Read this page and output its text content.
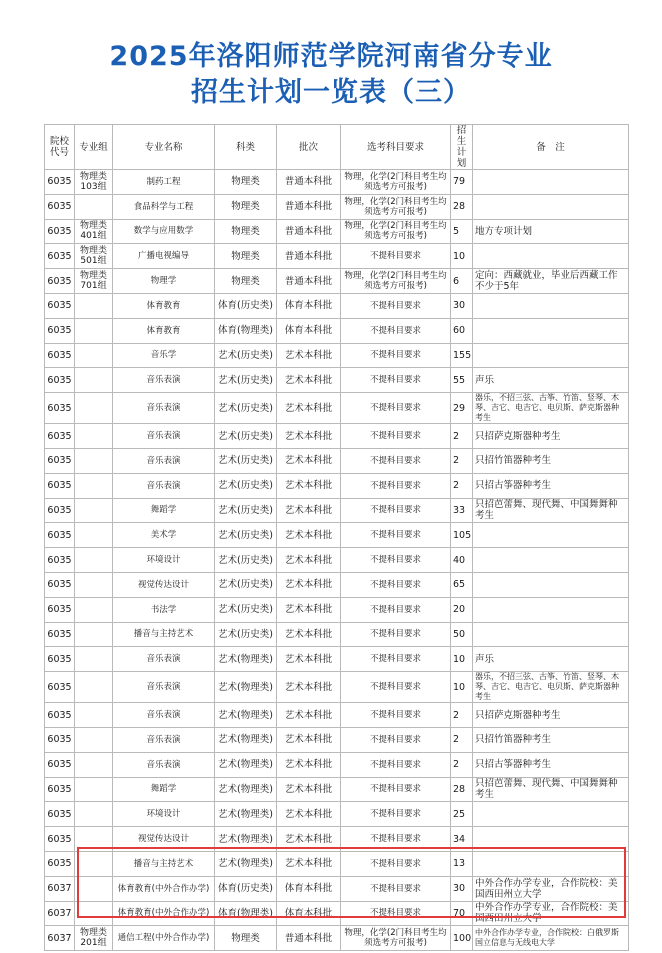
2025年洛阳师范学院河南省分专业
招生计划一览表（三）
院校代号	专业组	专业名称	科类	批次	选考科目要求	招生计划	备　注
6035	物理类103组	制药工程	物理类	普通本科批	物理，化学(2门科目考生均须选考方可报考)	79	
6035		食品科学与工程	物理类	普通本科批	物理，化学(2门科目考生均须选考方可报考)	28	
6035	物理类401组	数学与应用数学	物理类	普通本科批	物理，化学(2门科目考生均须选考方可报考)	5	地方专项计划
6035	物理类501组	广播电视编导	物理类	普通本科批	不提科目要求	10	
6035	物理类701组	物理学	物理类	普通本科批	物理，化学(2门科目考生均须选考方可报考)	6	定向：西藏就业，毕业后西藏工作不少于5年
6035		体育教育	体育(历史类)	体育本科批	不提科目要求	30	
6035		体育教育	体育(物理类)	体育本科批	不提科目要求	60	
6035		音乐学	艺术(历史类)	艺术本科批	不提科目要求	155	
6035		音乐表演	艺术(历史类)	艺术本科批	不提科目要求	55	声乐
6035		音乐表演	艺术(历史类)	艺术本科批	不提科目要求	29	器乐，不招三弦、古筝、竹笛、竖琴、木琴、吉它、电吉它、电贝斯、萨克斯器种考生
6035		音乐表演	艺术(历史类)	艺术本科批	不提科目要求	2	只招萨克斯器种考生
6035		音乐表演	艺术(历史类)	艺术本科批	不提科目要求	2	只招竹笛器种考生
6035		音乐表演	艺术(历史类)	艺术本科批	不提科目要求	2	只招古筝器种考生
6035		舞蹈学	艺术(历史类)	艺术本科批	不提科目要求	33	只招芭蕾舞、现代舞、中国舞舞种考生
6035		美术学	艺术(历史类)	艺术本科批	不提科目要求	105	
6035		环境设计	艺术(历史类)	艺术本科批	不提科目要求	40	
6035		视觉传达设计	艺术(历史类)	艺术本科批	不提科目要求	65	
6035		书法学	艺术(历史类)	艺术本科批	不提科目要求	20	
6035		播音与主持艺术	艺术(历史类)	艺术本科批	不提科目要求	50	
6035		音乐表演	艺术(物理类)	艺术本科批	不提科目要求	10	声乐
6035		音乐表演	艺术(物理类)	艺术本科批	不提科目要求	10	器乐，不招三弦、古筝、竹笛、竖琴、木琴、吉它、电吉它、电贝斯、萨克斯器种考生
6035		音乐表演	艺术(物理类)	艺术本科批	不提科目要求	2	只招萨克斯器种考生
6035		音乐表演	艺术(物理类)	艺术本科批	不提科目要求	2	只招竹笛器种考生
6035		音乐表演	艺术(物理类)	艺术本科批	不提科目要求	2	只招古筝器种考生
6035		舞蹈学	艺术(物理类)	艺术本科批	不提科目要求	28	只招芭蕾舞、现代舞、中国舞舞种考生
6035		环境设计	艺术(物理类)	艺术本科批	不提科目要求	25	
6035		视觉传达设计	艺术(物理类)	艺术本科批	不提科目要求	34	
6035		播音与主持艺术	艺术(物理类)	艺术本科批	不提科目要求	13	
6037		体育教育(中外合作办学)	体育(历史类)	体育本科批	不提科目要求	30	中外合作办学专业，合作院校：美国西田州立大学
6037		体育教育(中外合作办学)	体育(物理类)	体育本科批	不提科目要求	70	中外合作办学专业，合作院校：美国西田州立大学
6037	物理类201组	通信工程(中外合作办学)	物理类	普通本科批	物理，化学(2门科目考生均须选考方可报考)	100	中外合作办学专业，合作院校：白俄罗斯国立信息与无线电大学
